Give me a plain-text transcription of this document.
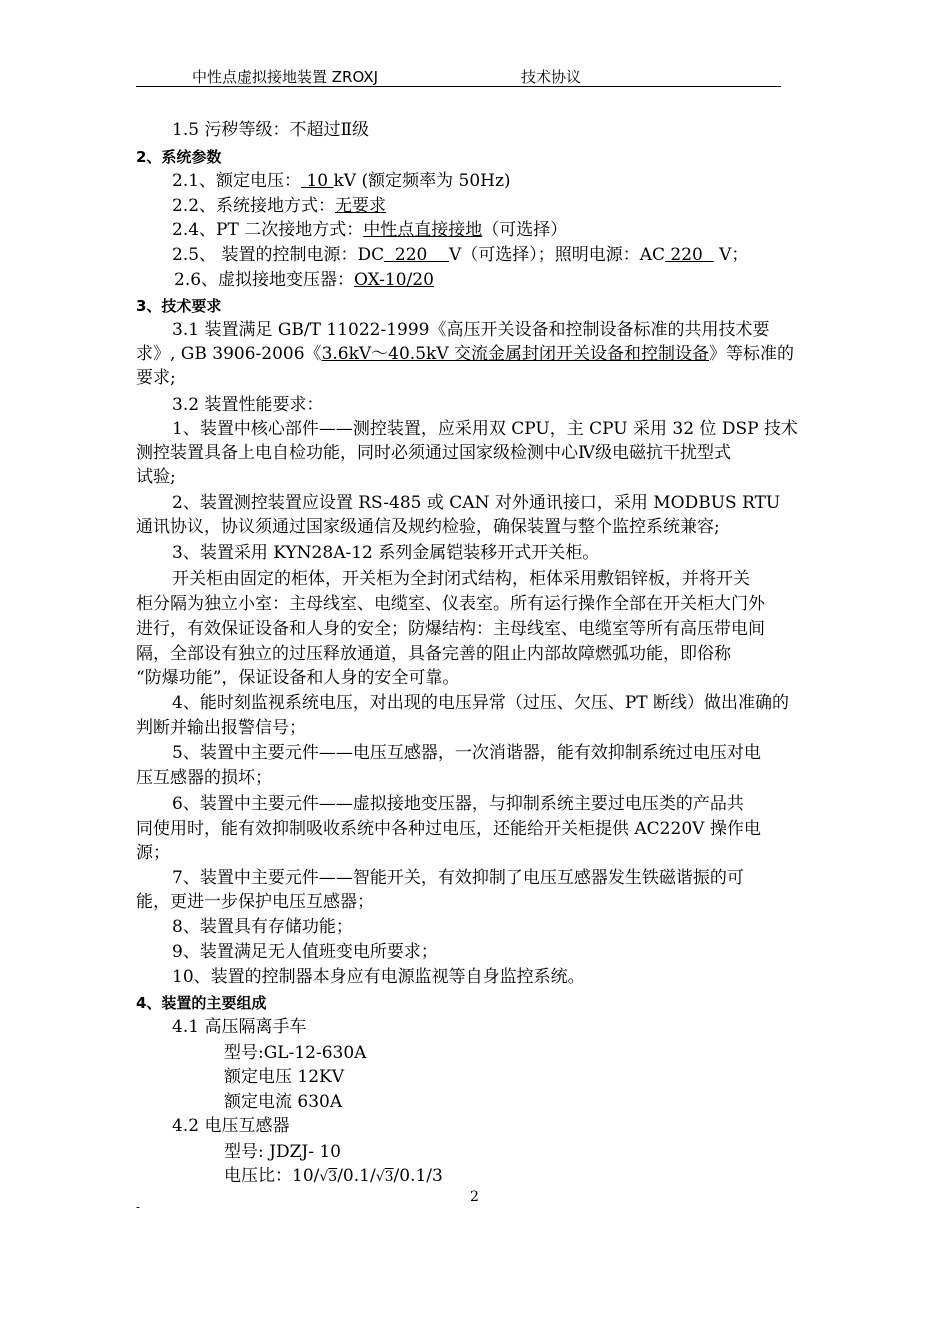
中性点虚拟接地装置 ZROXJ	技术协议
1.5 污秽等级：不超过Ⅱ级
2、系统参数
2.1、额定电压： 10 kV (额定频率为 50Hz)
2.2、系统接地方式：无要求
2.4、PT 二次接地方式：中性点直接接地（可选择）
2.5、 装置的控制电源：DC  220    V（可选择）；照明电源：AC 220   V；
2.6、虚拟接地变压器：OX-10/20
3、技术要求
3.1 装置满足 GB/T 11022-1999《高压开关设备和控制设备标准的共用技术要
求》, GB 3906-2006《3.6kV～40.5kV 交流金属封闭开关设备和控制设备》等标准的
要求;
3.2 装置性能要求：
1、装置中核心部件——测控装置，应采用双 CPU，主 CPU 采用 32 位 DSP 技术
测控装置具备上电自检功能，同时必须通过国家级检测中心Ⅳ级电磁抗干扰型式
试验;
2、装置测控装置应设置 RS-485 或 CAN 对外通讯接口，采用 MODBUS RTU
通讯协议，协议须通过国家级通信及规约检验，确保装置与整个监控系统兼容;
3、装置采用 KYN28A-12 系列金属铠装移开式开关柜。
开关柜由固定的柜体，开关柜为全封闭式结构，柜体采用敷铝锌板，并将开关
柜分隔为独立小室：主母线室、电缆室、仪表室。所有运行操作全部在开关柜大门外
进行，有效保证设备和人身的安全；防爆结构：主母线室、电缆室等所有高压带电间
隔，全部设有独立的过压释放通道，具备完善的阻止内部故障燃弧功能，即俗称
“防爆功能”，保证设备和人身的安全可靠。
4、能时刻监视系统电压，对出现的电压异常（过压、欠压、PT 断线）做出准确的
判断并输出报警信号；
5、装置中主要元件——电压互感器，一次消谐器，能有效抑制系统过电压对电
压互感器的损坏；
6、装置中主要元件——虚拟接地变压器，与抑制系统主要过电压类的产品共
同使用时，能有效抑制吸收系统中各种过电压，还能给开关柜提供 AC220V 操作电
源；
7、装置中主要元件——智能开关，有效抑制了电压互感器发生铁磁谐振的可
能，更进一步保护电压互感器；
8、装置具有存储功能；
9、装置满足无人值班变电所要求；
10、装置的控制器本身应有电源监视等自身监控系统。
4、装置的主要组成
4.1 高压隔离手车
型号:GL-12-630A
额定电压 12KV
额定电流 630A
4.2 电压互感器
型号: JDZJ- 10
电压比：10/√3/0.1/√3/0.1/3
2
-
